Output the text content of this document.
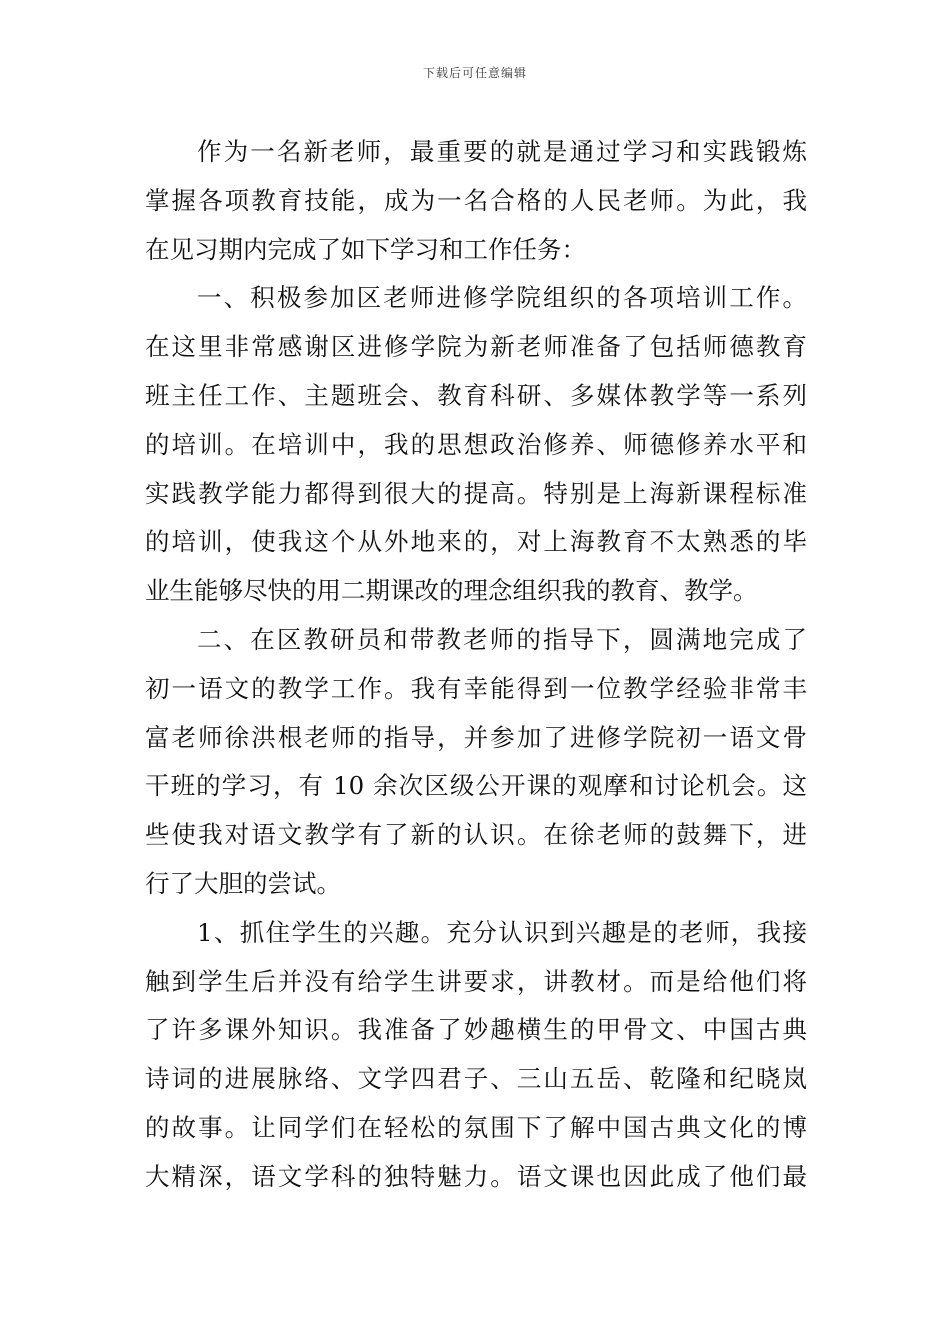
下载后可任意编辑
作为一名新老师，最重要的就是通过学习和实践锻炼
掌握各项教育技能，成为一名合格的人民老师。为此，我
在见习期内完成了如下学习和工作任务：
一、积极参加区老师进修学院组织的各项培训工作。
在这里非常感谢区进修学院为新老师准备了包括师德教育
班主任工作、主题班会、教育科研、多媒体教学等一系列
的培训。在培训中，我的思想政治修养、师德修养水平和
实践教学能力都得到很大的提高。特别是上海新课程标准
的培训，使我这个从外地来的，对上海教育不太熟悉的毕
业生能够尽快的用二期课改的理念组织我的教育、教学。
二、在区教研员和带教老师的指导下，圆满地完成了
初一语文的教学工作。我有幸能得到一位教学经验非常丰
富老师徐洪根老师的指导，并参加了进修学院初一语文骨
干班的学习，有 10 余次区级公开课的观摩和讨论机会。这
些使我对语文教学有了新的认识。在徐老师的鼓舞下，进
行了大胆的尝试。
1、抓住学生的兴趣。充分认识到兴趣是的老师，我接
触到学生后并没有给学生讲要求，讲教材。而是给他们将
了许多课外知识。我准备了妙趣横生的甲骨文、中国古典
诗词的进展脉络、文学四君子、三山五岳、乾隆和纪晓岚
的故事。让同学们在轻松的氛围下了解中国古典文化的博
大精深，语文学科的独特魅力。语文课也因此成了他们最
